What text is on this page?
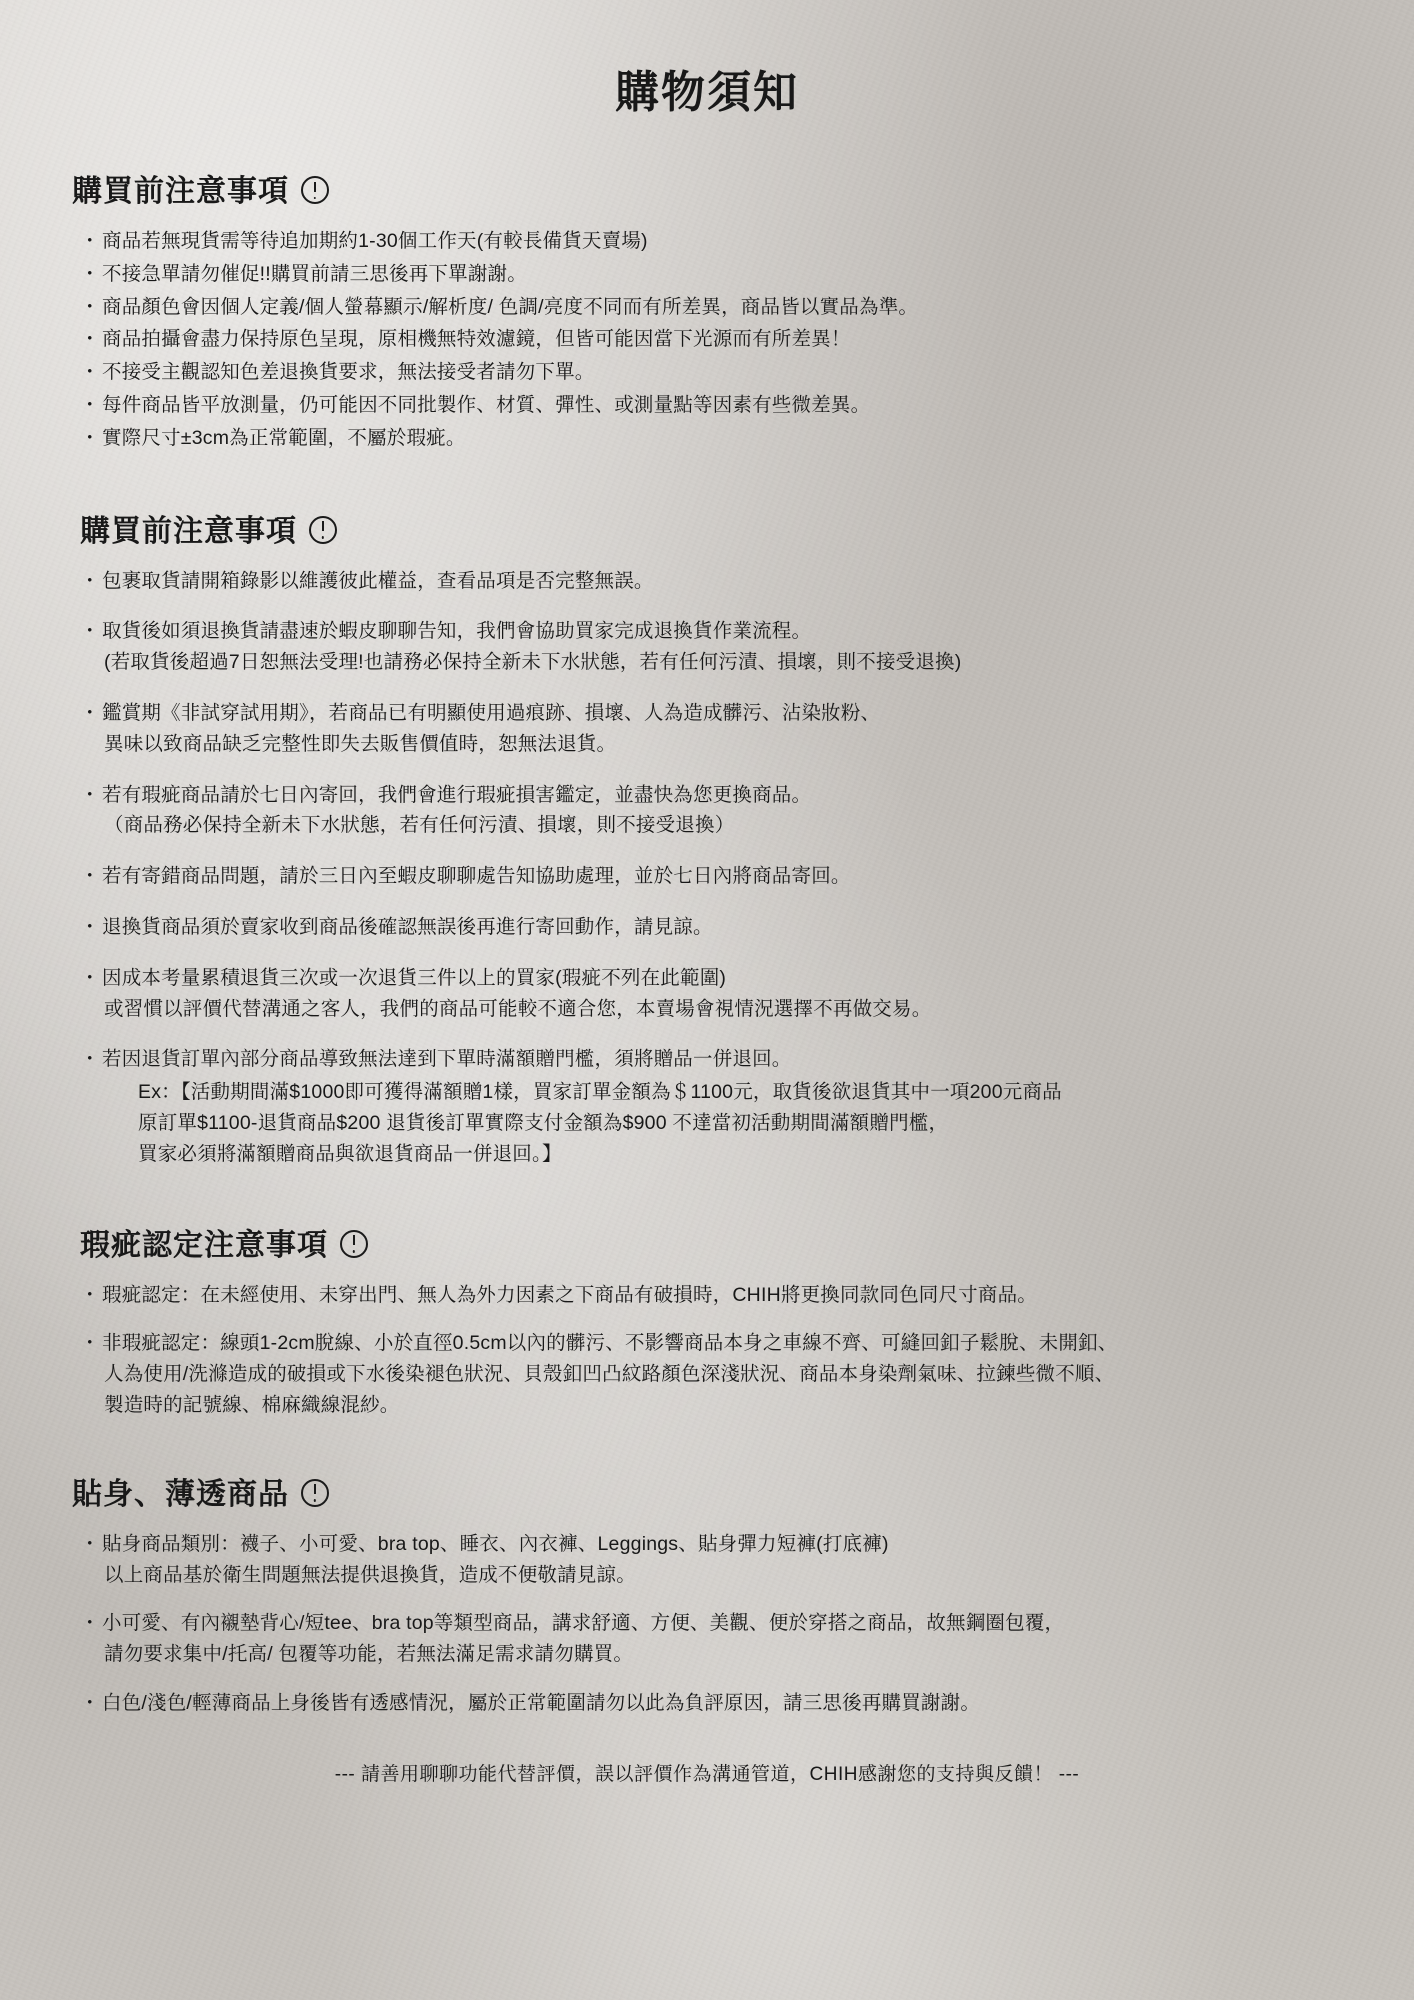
購物須知
購買前注意事項
・ 商品若無現貨需等待追加期約1-30個工作天(有較長備貨天賣場)
・ 不接急單請勿催促!!購買前請三思後再下單謝謝。
・ 商品顏色會因個人定義/個人螢幕顯示/解析度/ 色調/亮度不同而有所差異，商品皆以實品為準。
・ 商品拍攝會盡力保持原色呈現，原相機無特效濾鏡，但皆可能因當下光源而有所差異！
・ 不接受主觀認知色差退換貨要求，無法接受者請勿下單。
・ 每件商品皆平放測量，仍可能因不同批製作、材質、彈性、或測量點等因素有些微差異。
・ 實際尺寸±3cm為正常範圍，不屬於瑕疵。
購買前注意事項
・ 包裹取貨請開箱錄影以維護彼此權益，查看品項是否完整無誤。
・ 取貨後如須退換貨請盡速於蝦皮聊聊告知，我們會協助買家完成退換貨作業流程。
(若取貨後超過7日恕無法受理!也請務必保持全新未下水狀態，若有任何污漬、損壞，則不接受退換)
・ 鑑賞期《非試穿試用期》，若商品已有明顯使用過痕跡、損壞、人為造成髒污、沾染妝粉、
異味以致商品缺乏完整性即失去販售價值時，恕無法退貨。
・ 若有瑕疵商品請於七日內寄回，我們會進行瑕疵損害鑑定，並盡快為您更換商品。
（商品務必保持全新未下水狀態，若有任何污漬、損壞，則不接受退換）
・ 若有寄錯商品問題，請於三日內至蝦皮聊聊處告知協助處理，並於七日內將商品寄回。
・ 退換貨商品須於賣家收到商品後確認無誤後再進行寄回動作，請見諒。
・ 因成本考量累積退貨三次或一次退貨三件以上的買家(瑕疵不列在此範圍)
或習慣以評價代替溝通之客人，我們的商品可能較不適合您，本賣場會視情況選擇不再做交易。
・ 若因退貨訂單內部分商品導致無法達到下單時滿額贈門檻，須將贈品一併退回。
Ex：【活動期間滿$1000即可獲得滿額贈1樣，買家訂單金額為＄1100元，取貨後欲退貨其中一項200元商品
原訂單$1100-退貨商品$200 退貨後訂單實際支付金額為$900 不達當初活動期間滿額贈門檻，
買家必須將滿額贈商品與欲退貨商品一併退回。】
瑕疵認定注意事項
・ 瑕疵認定：在未經使用、未穿出門、無人為外力因素之下商品有破損時，CHIH將更換同款同色同尺寸商品。
・ 非瑕疵認定：線頭1-2cm脫線、小於直徑0.5cm以內的髒污、不影響商品本身之車線不齊、可縫回釦子鬆脫、未開釦、
人為使用/洗滌造成的破損或下水後染褪色狀況、貝殼釦凹凸紋路顏色深淺狀況、商品本身染劑氣味、拉鍊些微不順、
製造時的記號線、棉麻織線混紗。
貼身、薄透商品
・ 貼身商品類別：襪子、小可愛、bra top、睡衣、內衣褲、Leggings、貼身彈力短褲(打底褲)
以上商品基於衛生問題無法提供退換貨，造成不便敬請見諒。
・ 小可愛、有內襯墊背心/短tee、bra top等類型商品，講求舒適、方便、美觀、便於穿搭之商品，故無鋼圈包覆，
請勿要求集中/托高/ 包覆等功能，若無法滿足需求請勿購買。
・ 白色/淺色/輕薄商品上身後皆有透感情況，屬於正常範圍請勿以此為負評原因，請三思後再購買謝謝。
--- 請善用聊聊功能代替評價，誤以評價作為溝通管道，CHIH感謝您的支持與反饋！ ---
